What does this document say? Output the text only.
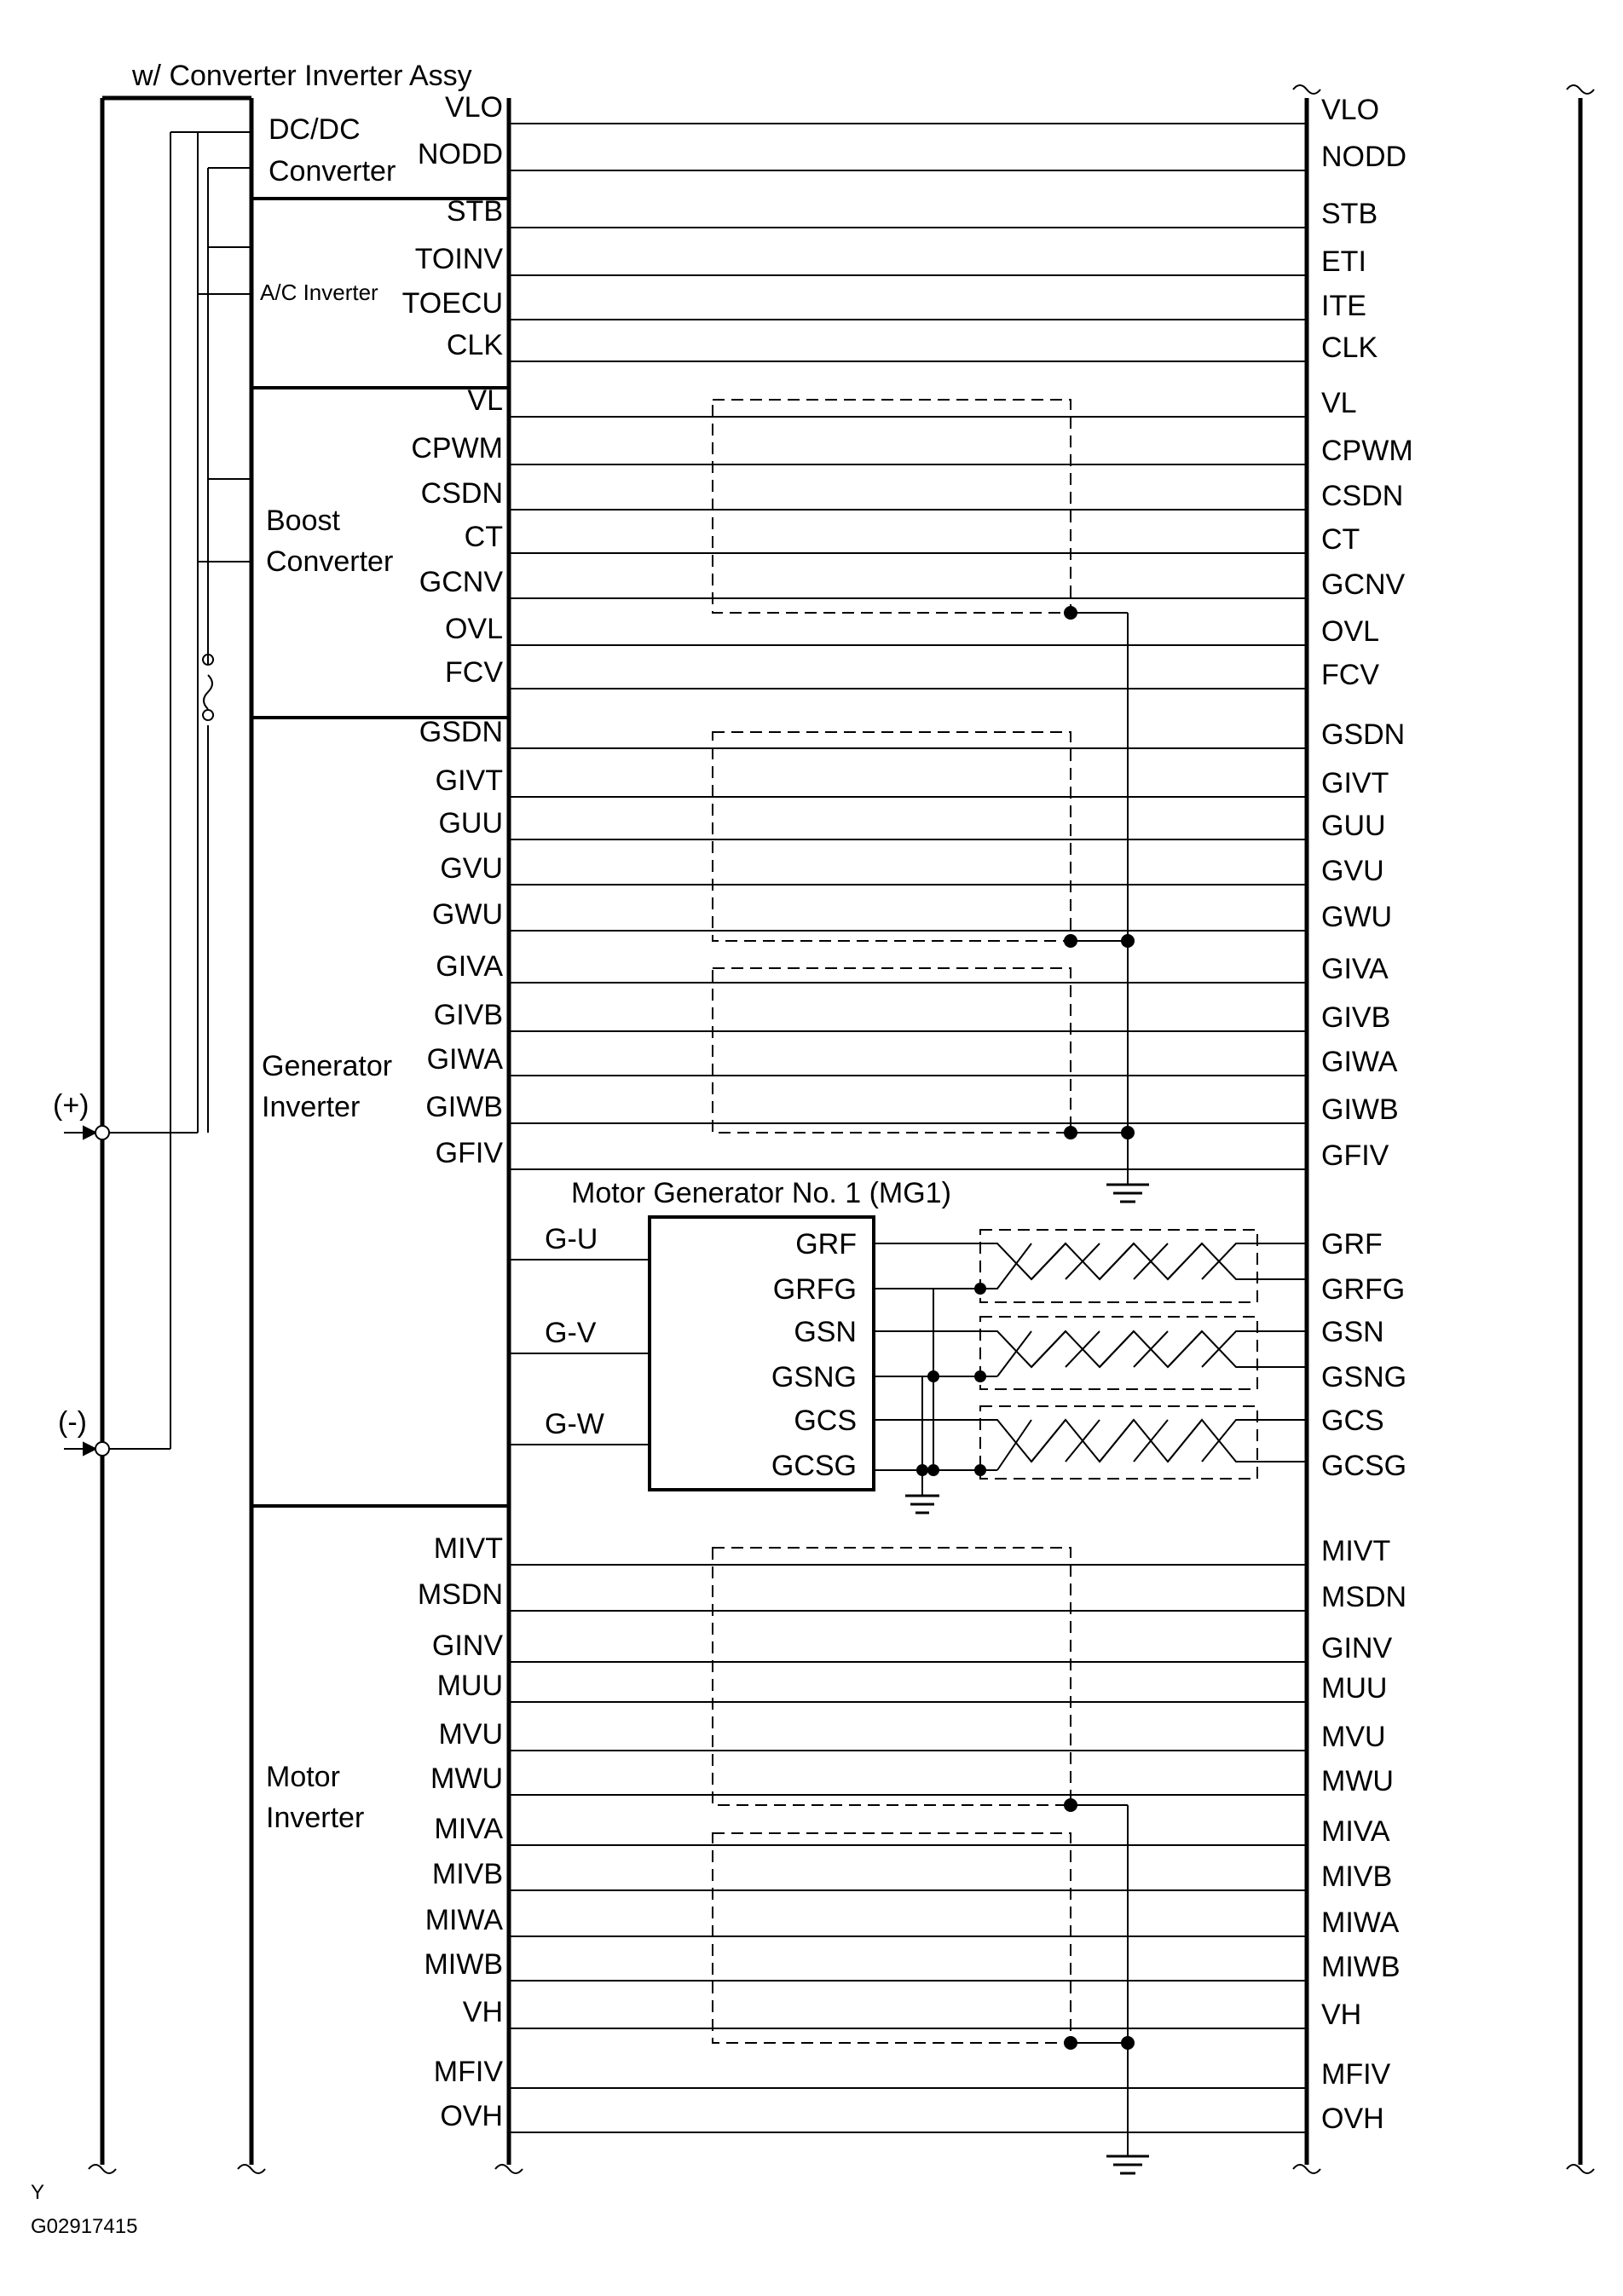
w/ Converter Inverter Assy
(+)
(-)
DC/DC
Converter
A/C Inverter
Boost
Converter
Generator
Inverter
Motor
Inverter
Motor Generator No. 1 (MG1)
G-U
G-V
G-W
GRF
GRFG
GSN
GSNG
GCS
GCSG
GRF
GRFG
GSN
GSNG
GCS
GCSG
Y
G02917415
VLO	VLO
NODD	NODD
STB	STB
TOINV	ETI
TOECU	ITE
CLK	CLK
VL	VL
CPWM	CPWM
CSDN	CSDN
CT	CT
GCNV	GCNV
OVL	OVL
FCV	FCV
GSDN	GSDN
GIVT	GIVT
GUU	GUU
GVU	GVU
GWU	GWU
GIVA	GIVA
GIVB	GIVB
GIWA	GIWA
GIWB	GIWB
GFIV	GFIV
MIVT	MIVT
MSDN	MSDN
GINV	GINV
MUU	MUU
MVU	MVU
MWU	MWU
MIVA	MIVA
MIVB	MIVB
MIWA	MIWA
MIWB	MIWB
VH	VH
MFIV	MFIV
OVH	OVH
